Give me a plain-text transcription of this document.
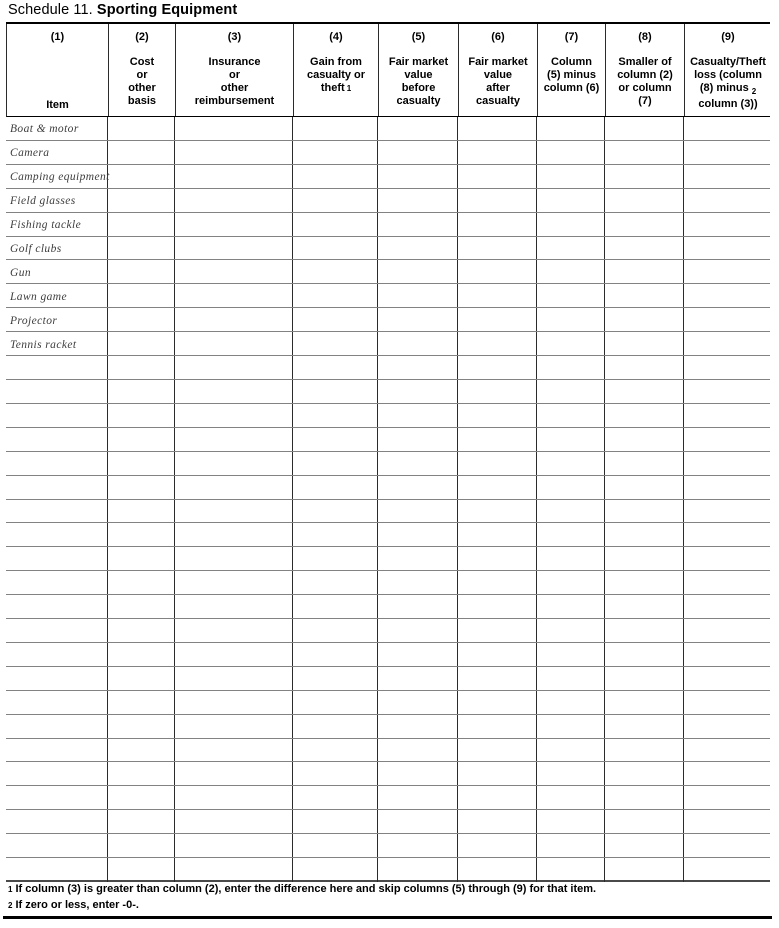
Schedule 11. Sporting Equipment
(1)
Item
(2)
Cost
or
other
basis
(3)
Insurance
or
other
reimbursement
(4)
Gain from
casualty or
theft $^1$
(5)
Fair market
value
before
casualty
(6)
Fair market
value
after
casualty
(7)
Column
(5) minus
column (6)
(8)
Smaller of
column (2)
or column
(7)
(9)
Casualty/Theft
loss (column
(8) minus $_2$
column (3))
Boat & motor
Camera
Camping equipment
Field glasses
Fishing tackle
Golf clubs
Gun
Lawn game
Projector
Tennis racket
$^1$ If column (3) is greater than column (2), enter the difference here and skip columns (5) through (9) for that item.
$^2$ If zero or less, enter -0-.
